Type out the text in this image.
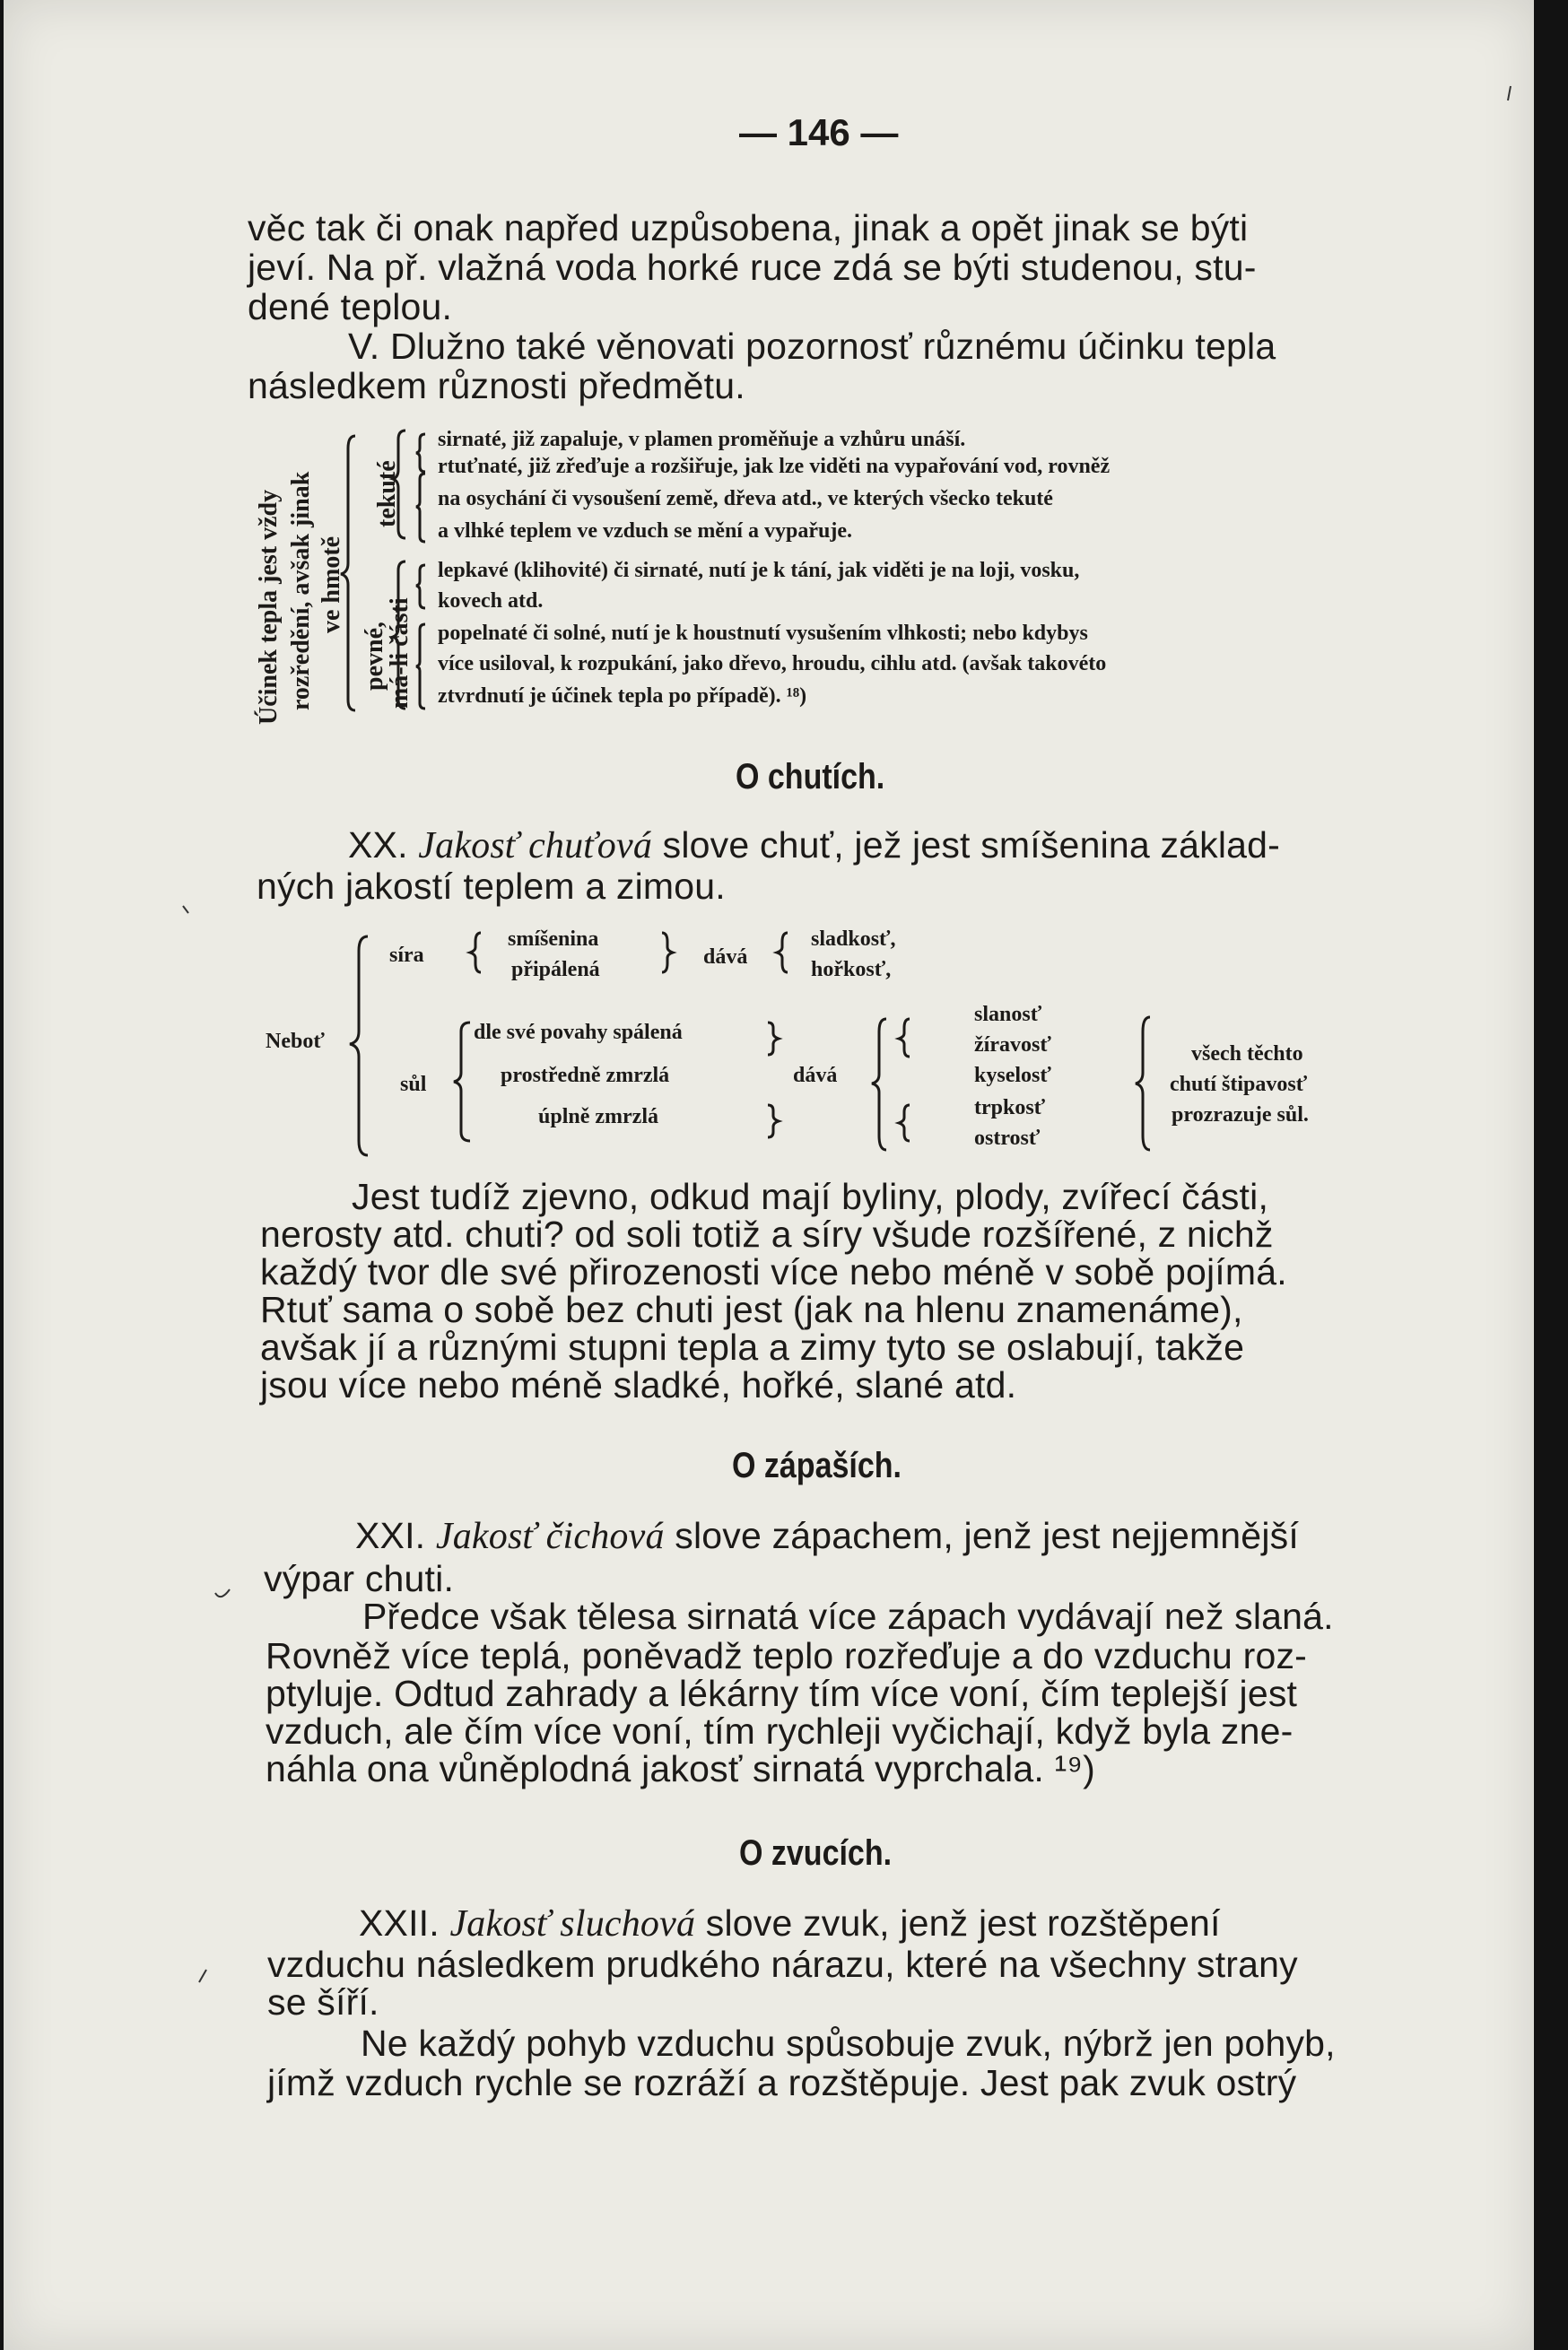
— 146 —
věc tak či onak napřed uzpůsobena, jinak a opět jinak se býti
jeví. Na př. vlažná voda horké ruce zdá se býti studenou, stu-
dené teplou.
V. Dlužno také věnovati pozornosť různému účinku tepla
následkem různosti předmětu.
Účinek tepla jest vždy rozředění, avšak jinak ve hmotě
tekuté
pevné,
má-li části
sirnaté, již zapaluje, v plamen proměňuje a vzhůru unáší.
rtuťnaté, již zřeďuje a rozšiřuje, jak lze viděti na vypařování vod, rovněž
na osychání či vysoušení země, dřeva atd., ve kterých všecko tekuté
a vlhké teplem ve vzduch se mění a vypařuje.
lepkavé (klihovité) či sirnaté, nutí je k tání, jak viděti je na loji, vosku,
kovech atd.
popelnaté či solné, nutí je k houstnutí vysušením vlhkosti; nebo kdybys
více usiloval, k rozpukání, jako dřevo, hroudu, cihlu atd. (avšak takovéto
ztvrdnutí je účinek tepla po případě). ¹⁸)
O chutích.
XX. Jakosť chuťová slove chuť, jež jest smíšenina základ-
ných jakostí teplem a zimou.
Neboť
síra
smíšenina
připálená
dává
sladkosť,
hořkosť,
sůl
dle své povahy spálená
prostředně zmrzlá
úplně zmrzlá
dává
slanosť
žíravosť
kyselosť
trpkosť
ostrosť
všech těchto
chutí štipavosť
prozrazuje sůl.
Jest tudíž zjevno, odkud mají byliny, plody, zvířecí části,
nerosty atd. chuti? od soli totiž a síry všude rozšířené, z nichž
každý tvor dle své přirozenosti více nebo méně v sobě pojímá.
Rtuť sama o sobě bez chuti jest (jak na hlenu znamenáme),
avšak jí a různými stupni tepla a zimy tyto se oslabují, takže
jsou více nebo méně sladké, hořké, slané atd.
O zápaších.
XXI. Jakosť čichová slove zápachem, jenž jest nejjemnější
výpar chuti.
Předce však tělesa sirnatá více zápach vydávají než slaná.
Rovněž více teplá, poněvadž teplo rozřeďuje a do vzduchu roz-
ptyluje. Odtud zahrady a lékárny tím více voní, čím teplejší jest
vzduch, ale čím více voní, tím rychleji vyčichají, když byla zne-
náhla ona vůněplodná jakosť sirnatá vyprchala. ¹⁹)
O zvucích.
XXII. Jakosť sluchová slove zvuk, jenž jest rozštěpení
vzduchu následkem prudkého nárazu, které na všechny strany
se šíří.
Ne každý pohyb vzduchu spůsobuje zvuk, nýbrž jen pohyb,
jímž vzduch rychle se rozráží a rozštěpuje. Jest pak zvuk ostrý
